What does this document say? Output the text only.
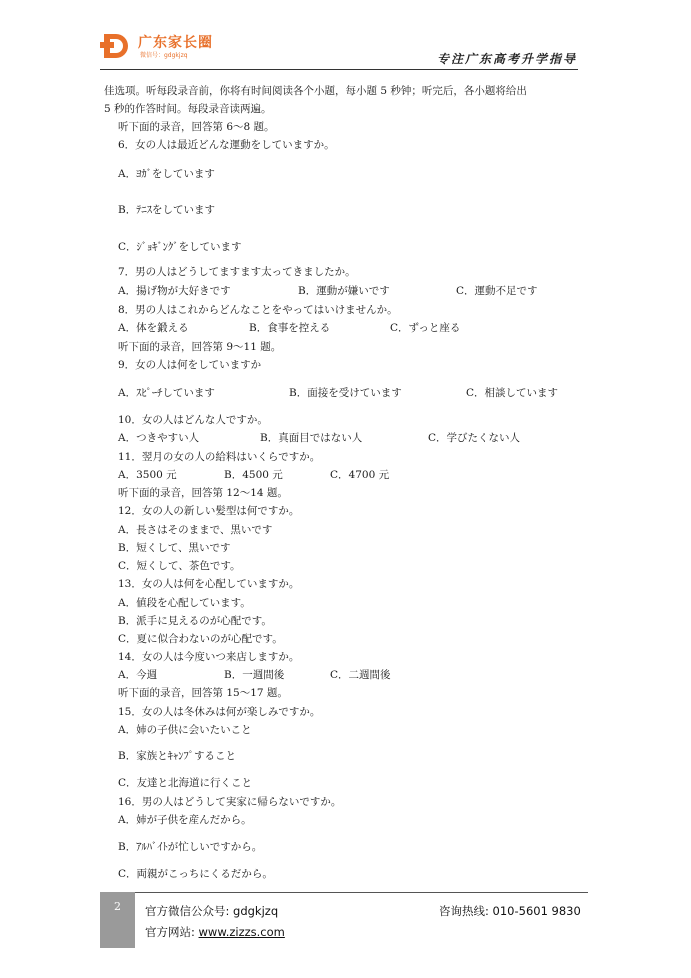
广东家长圈
微信号：gdgkjzq	专注广东高考升学指导
佳选项。听每段录音前，你将有时间阅读各个小题，每小题 5 秒钟；听完后，各小题将给出
5 秒的作答时间。每段录音读两遍。
听下面的录音，回答第 6～8 题。
6．女の人は最近どんな運動をしていますか。
A．ﾖｶﾞをしています
B．ﾃﾆｽをしています
C．ｼﾞｮｷﾞﾝｸﾞをしています
7．男の人はどうしてますます太ってきましたか。
A．揚げ物が大好きです	B．運動が嫌いです	C．運動不足です
8．男の人はこれからどんなことをやってはいけませんか。
A．体を鍛える	B．食事を控える	C．ずっと座る
听下面的录音，回答第 9～11 题。
9．女の人は何をしていますか
A．ｽﾋﾟｰﾁしています	B．面接を受けています	C．相談しています
10．女の人はどんな人ですか。
A．つきやすい人	B．真面目ではない人	C．学びたくない人
11．翌月の女の人の給料はいくらですか。
A．3500 元	B．4500 元	C．4700 元
听下面的录音，回答第 12～14 题。
12．女の人の新しい髪型は何ですか。
A．長さはそのままで、黒いです
B．短くして、黒いです
C．短くして、茶色です。
13．女の人は何を心配していますか。
A．値段を心配しています。
B．派手に見えるのが心配です。
C．夏に似合わないのが心配です。
14．女の人は今度いつ来店しますか。
A．今週	B．一週間後	C．二週間後
听下面的录音，回答第 15～17 题。
15．女の人は冬休みは何が楽しみですか。
A．姉の子供に会いたいこと
B．家族とｷｬﾝﾌﾟすること
C．友達と北海道に行くこと
16．男の人はどうして実家に帰らないですか。
A．姉が子供を産んだから。
B．ｱﾙﾊﾞｲﾄが忙しいですから。
C．両親がこっちにくるだから。
2	官方微信公众号: gdgkjzq
官方网站: www.zizzs.com
咨询热线: 010-5601 9830
